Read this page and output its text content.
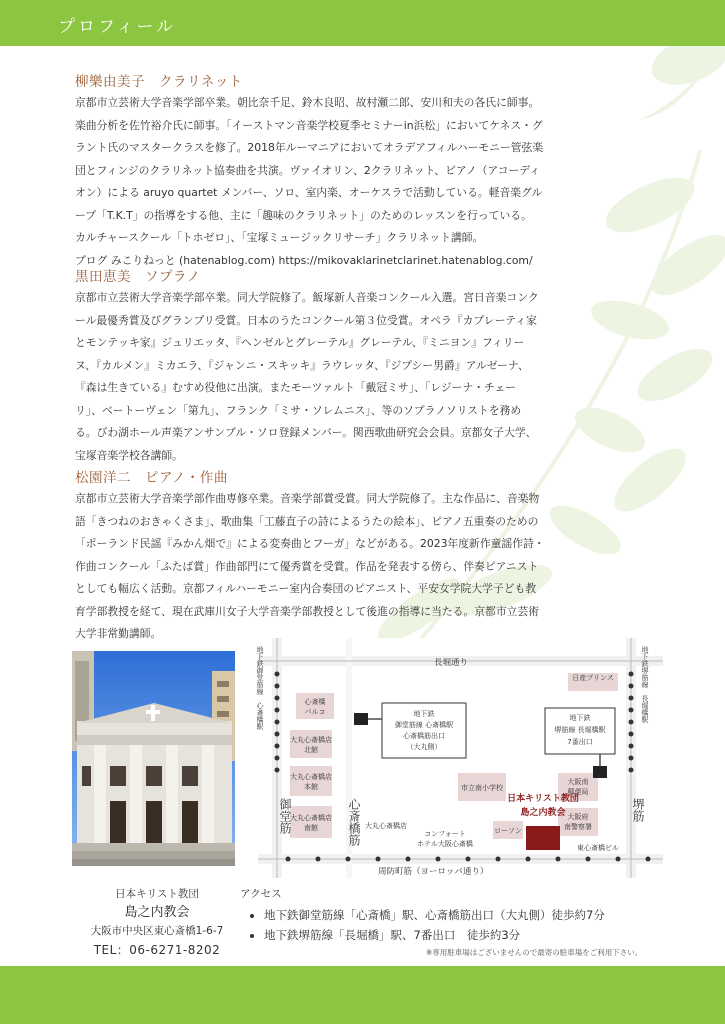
プロフィール
柳樂由美子　クラリネット

京都市立芸術大学音楽学部卒業。朝比奈千足、鈴木良昭、故村瀬二郎、安川和夫の各氏に師事。

楽曲分析を佐竹裕介氏に師事。「イーストマン音楽学校夏季セミナーin浜松」においてケネス・グ

ラント氏のマスタークラスを修了。2018年ルーマニアにおいてオラデアフィルハーモニー管弦楽

団とフィンジのクラリネット協奏曲を共演。ヴァイオリン、2クラリネット、ピアノ（アコーディ

オン）による aruyo quartet メンバー、ソロ、室内楽、オーケスラで活動している。軽音楽グル

ープ「T.K.T」の指導をする他、主に「趣味のクラリネット」のためのレッスンを行っている。

カルチャースクール「トホゼロ」、「宝塚ミュージックリサーチ」クラリネット講師。

ブログ みこりねっと (hatenablog.com) https://mikovaklarinetclarinet.hatenablog.com/

黒田恵美　ソプラノ

京都市立芸術大学音楽学部卒業。同大学院修了。飯塚新人音楽コンクール入選。宮日音楽コンク

ール最優秀賞及びグランプリ受賞。日本のうたコンクール第３位受賞。オペラ『カプレーティ家

とモンテッキ家』ジュリエッタ、『ヘンゼルとグレーテル』グレーテル、『ミニヨン』フィリー

ヌ、『カルメン』ミカエラ、『ジャンニ・スキッキ』ラウレッタ、『ジプシー男爵』アルゼーナ、

『森は生きている』むすめ役他に出演。またモーツァルト「戴冠ミサ」、「レジーナ・チェー

リ」、ベートーヴェン「第九」、フランク「ミサ・ソレムニス」、等のソプラノソリストを務め

る。びわ湖ホール声楽アンサンブル・ソロ登録メンバー。関西歌曲研究会会員。京都女子大学、

宝塚音楽学校各講師。

松園洋二　ピアノ・作曲

京都市立芸術大学音楽学部作曲専修卒業。音楽学部賞受賞。同大学院修了。主な作品に、音楽物

語「きつねのおきゃくさま」、歌曲集「工藤直子の詩によるうたの絵本」、ピアノ五重奏のための

「ポーランド民謡『みかん畑で』による変奏曲とフーガ」などがある。2023年度新作童謡作詩・

作曲コンクール「ふたば賞」作曲部門にて優秀賞を受賞。作品を発表する傍ら、伴奏ピアニスト

としても幅広く活動。京都フィルハーモニー室内合奏団のピアニスト、平安女学院大学子ども教

育学部教授を経て、現在武庫川女子大学音楽学部教授として後進の指導に当たる。京都市立芸術

大学非常勤講師。

長堀通り
周防町筋（ヨーロッパ通り）
心斎橋
パルコ
大丸心斎橋店
北館
大丸心斎橋店
本館
大丸心斎橋店
南館	大丸心斎橋店
市立南小学校
日産プリンス
コンフォート
ホテル大阪心斎橋
ローソン
大阪南
郵便局
大阪府
南警察署
東心斎橋ビル
地下鉄
御堂筋線 心斎橋駅
心斎橋筋出口
（大丸側）
地下鉄
堺筋線 長堀橋駅
7番出口
日本キリスト教団
島之内教会
地下鉄御堂筋線　心斎橋駅	地下鉄堺筋線　長堀橋駅
御堂筋	心斎橋筋	堺筋
日本キリスト教団
島之内教会
大阪市中央区東心斎橋1-6-7
TEL：06-6271-8202
アクセス
• 地下鉄御堂筋線「心斎橋」駅、心斎橋筋出口（大丸側）徒歩約7分
• 地下鉄堺筋線「長堀橋」駅、7番出口　徒歩約3分
※専用駐車場はございませんので最寄の駐車場をご利用下さい。
